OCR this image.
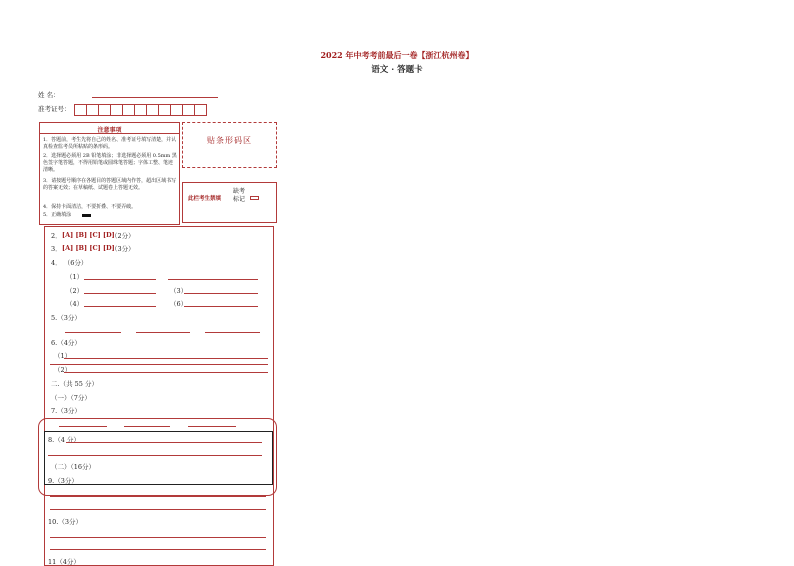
2022 年中考考前最后一卷【浙江杭州卷】
语文 · 答题卡
姓 名：
准考证号：
注意事项
1．答题前，考生先将自己的姓名、准考证号填写清楚，并认真检查监考员所粘贴的条形码。
2．选择题必须用 2B 铅笔填涂；非选择题必须用 0.5mm 黑色签字笔答题，不得用铅笔或圆珠笔答题；字体工整、笔迹清晰。
3．请按题号顺序在各题目的答题区域内作答，超出区域书写的答案无效；在草稿纸、试题卷上答题无效。
4．保持卡面清洁，不要折叠、不要弄破。
5．正确填涂
贴条形码区
此栏考生禁填
缺考
标记
2． [A] [B] [C] [D]
（2分）
3． [A] [B] [C] [D]
（3分）
4． （6分）
（1）
（2）	（3）
（4）	（6）
5.（3分）
6.（4分）
（1）
（2）
二.（共 55 分）
（一）（7分）
7.（3分）
8.（4 分）
（二）（16分）
9.（3分）
10.（3分）
11（4分）
